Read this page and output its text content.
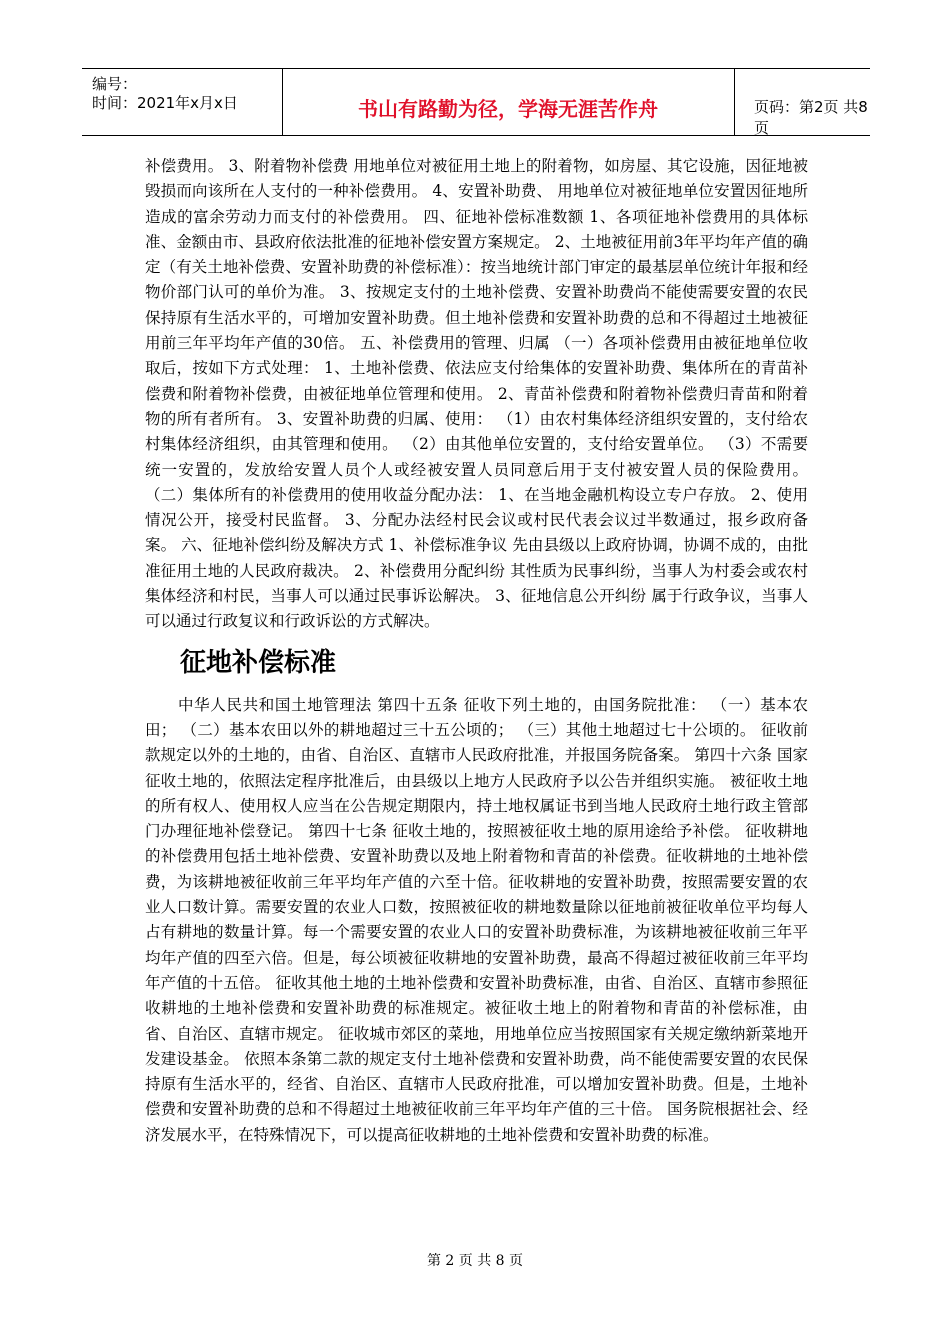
编号：
时间：2021年x月x日	书山有路勤为径，学海无涯苦作舟	页码：第2页 共8页

补偿费用。 3、附着物补偿费 用地单位对被征用土地上的附着物，如房屋、其它设施，因征地被毁损而向该所在人支付的一种补偿费用。 4、安置补助费、 用地单位对被征地单位安置因征地所造成的富余劳动力而支付的补偿费用。 四、征地补偿标准数额 1、各项征地补偿费用的具体标准、金额由市、县政府依法批准的征地补偿安置方案规定。 2、土地被征用前3年平均年产值的确定（有关土地补偿费、安置补助费的补偿标准）：按当地统计部门审定的最基层单位统计年报和经物价部门认可的单价为准。 3、按规定支付的土地补偿费、安置补助费尚不能使需要安置的农民保持原有生活水平的，可增加安置补助费。但土地补偿费和安置补助费的总和不得超过土地被征用前三年平均年产值的30倍。 五、补偿费用的管理、归属 （一）各项补偿费用由被征地单位收取后，按如下方式处理： 1、土地补偿费、依法应支付给集体的安置补助费、集体所在的青苗补偿费和附着物补偿费，由被征地单位管理和使用。 2、青苗补偿费和附着物补偿费归青苗和附着物的所有者所有。 3、安置补助费的归属、使用： （1）由农村集体经济组织安置的，支付给农村集体经济组织，由其管理和使用。 （2）由其他单位安置的，支付给安置单位。 （3）不需要统一安置的，发放给安置人员个人或经被安置人员同意后用于支付被安置人员的保险费用。 （二）集体所有的补偿费用的使用收益分配办法： 1、在当地金融机构设立专户存放。 2、使用情况公开，接受村民监督。 3、分配办法经村民会议或村民代表会议过半数通过，报乡政府备案。 六、征地补偿纠纷及解决方式 1、补偿标准争议 先由县级以上政府协调，协调不成的，由批准征用土地的人民政府裁决。 2、补偿费用分配纠纷 其性质为民事纠纷，当事人为村委会或农村集体经济和村民，当事人可以通过民事诉讼解决。 3、征地信息公开纠纷 属于行政争议，当事人可以通过行政复议和行政诉讼的方式解决。

征地补偿标准

中华人民共和国土地管理法 第四十五条 征收下列土地的，由国务院批准： （一）基本农田； （二）基本农田以外的耕地超过三十五公顷的； （三）其他土地超过七十公顷的。 征收前款规定以外的土地的，由省、自治区、直辖市人民政府批准，并报国务院备案。 第四十六条 国家征收土地的，依照法定程序批准后，由县级以上地方人民政府予以公告并组织实施。 被征收土地的所有权人、使用权人应当在公告规定期限内，持土地权属证书到当地人民政府土地行政主管部门办理征地补偿登记。 第四十七条 征收土地的，按照被征收土地的原用途给予补偿。 征收耕地的补偿费用包括土地补偿费、安置补助费以及地上附着物和青苗的补偿费。征收耕地的土地补偿费，为该耕地被征收前三年平均年产值的六至十倍。征收耕地的安置补助费，按照需要安置的农业人口数计算。需要安置的农业人口数，按照被征收的耕地数量除以征地前被征收单位平均每人占有耕地的数量计算。每一个需要安置的农业人口的安置补助费标准，为该耕地被征收前三年平均年产值的四至六倍。但是，每公顷被征收耕地的安置补助费，最高不得超过被征收前三年平均年产值的十五倍。 征收其他土地的土地补偿费和安置补助费标准，由省、自治区、直辖市参照征收耕地的土地补偿费和安置补助费的标准规定。被征收土地上的附着物和青苗的补偿标准，由省、自治区、直辖市规定。 征收城市郊区的菜地，用地单位应当按照国家有关规定缴纳新菜地开发建设基金。 依照本条第二款的规定支付土地补偿费和安置补助费，尚不能使需要安置的农民保持原有生活水平的，经省、自治区、直辖市人民政府批准，可以增加安置补助费。但是，土地补偿费和安置补助费的总和不得超过土地被征收前三年平均年产值的三十倍。 国务院根据社会、经济发展水平，在特殊情况下，可以提高征收耕地的土地补偿费和安置补助费的标准。

第 2 页 共 8 页
